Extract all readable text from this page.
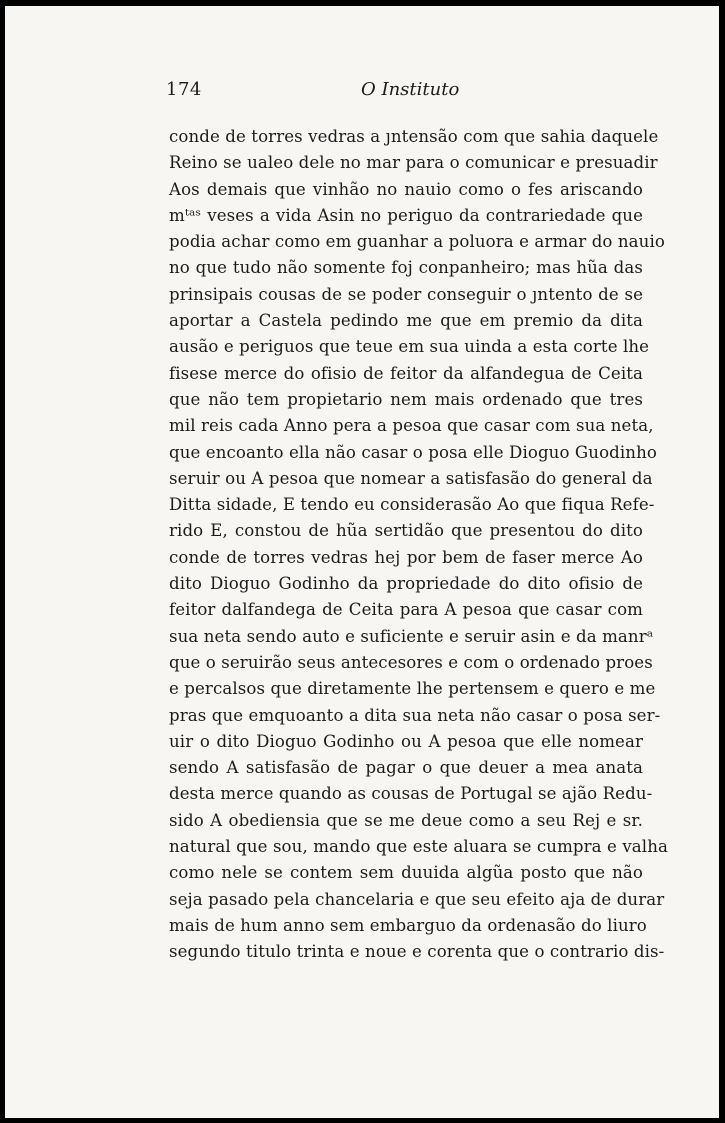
174	O Instituto
conde de torres vedras a ȷntensão com que sahia daquele
Reino se ualeo dele no mar para o comunicar e presuadir
Aos demais que vinhão no nauio como o fes ariscando
mᵗᵃˢ veses a vida Asin no periguo da contrariedade que
podia achar como em guanhar a poluora e armar do nauio
no que tudo não somente foj conpanheiro; mas hũa das
prinsipais cousas de se poder conseguir o ȷntento de se
aportar a Castela pedindo me que em premio da dita
ausão e periguos que teue em sua uinda a esta corte lhe
fisese merce do ofisio de feitor da alfandegua de Ceita
que não tem propietario nem mais ordenado que tres
mil reis cada Anno pera a pesoa que casar com sua neta,
que encoanto ella não casar o posa elle Dioguo Guodinho
seruir ou A pesoa que nomear a satisfasão do general da
Ditta sidade, E tendo eu considerasão Ao que fiqua Refe-
rido E, constou de hũa sertidão que presentou do dito
conde de torres vedras hej por bem de faser merce Ao
dito Dioguo Godinho da propriedade do dito ofisio de
feitor dalfandega de Ceita para A pesoa que casar com
sua neta sendo auto e suficiente e seruir asin e da manrᵃ
que o seruirão seus antecesores e com o ordenado proes
e percalsos que diretamente lhe pertensem e quero e me
pras que emquoanto a dita sua neta não casar o posa ser-
uir o dito Dioguo Godinho ou A pesoa que elle nomear
sendo A satisfasão de pagar o que deuer a mea anata
desta merce quando as cousas de Portugal se ajão Redu-
sido A obediensia que se me deue como a seu Rej e sr.
natural que sou, mando que este aluara se cumpra e valha
como nele se contem sem duuida algũa posto que não
seja pasado pela chancelaria e que seu efeito aja de durar
mais de hum anno sem embarguo da ordenasão do liuro
segundo titulo trinta e noue e corenta que o contrario dis-
